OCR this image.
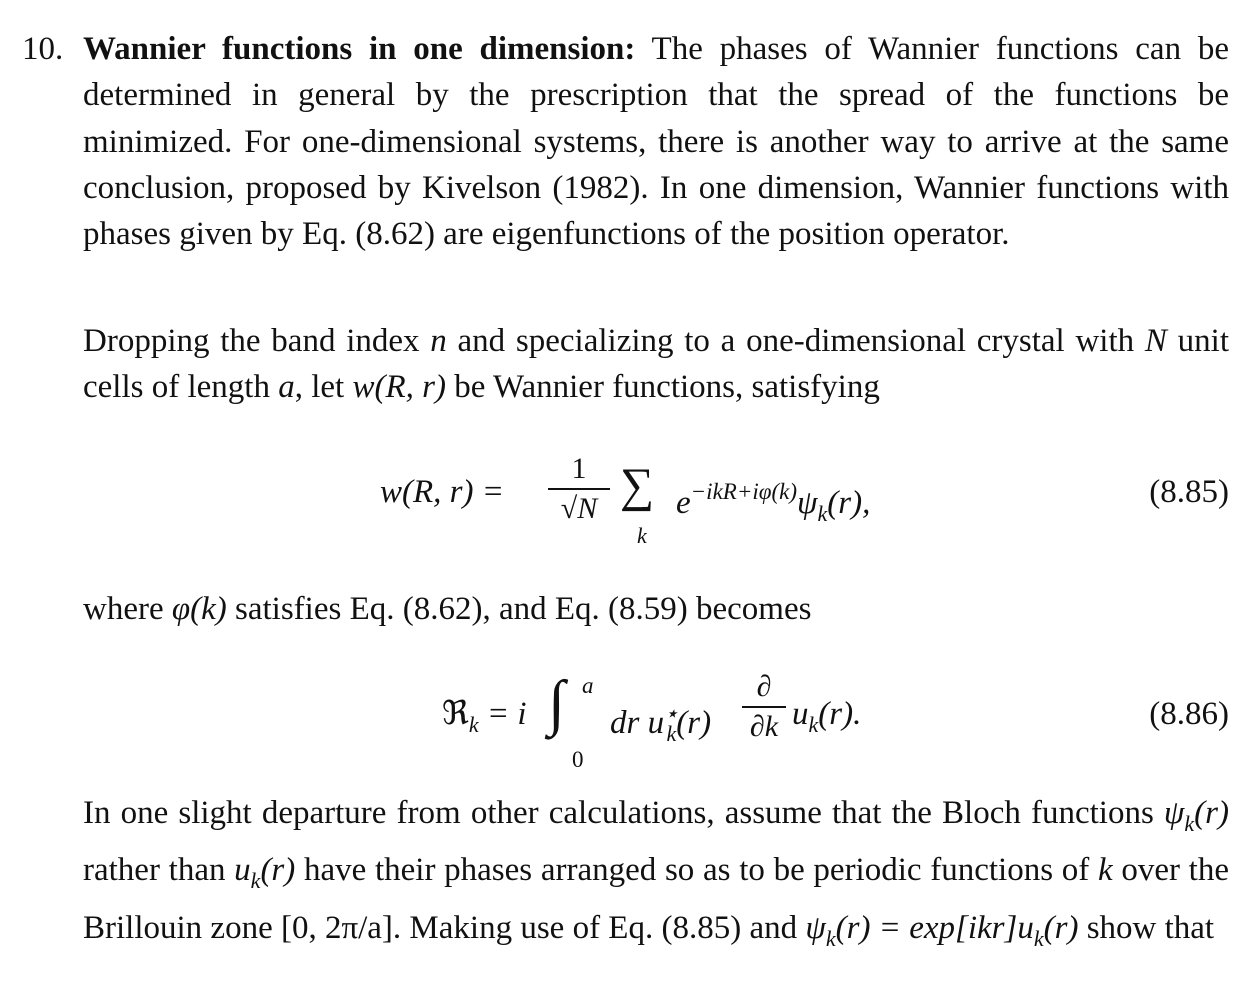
10. Wannier functions in one dimension: The phases of Wannier functions can be determined in general by the prescription that the spread of the functions be minimized. For one-dimensional systems, there is another way to arrive at the same conclusion, proposed by Kivelson (1982). In one dimension, Wannier functions with phases given by Eq. (8.62) are eigenfunctions of the position operator.
Dropping the band index n and specializing to a one-dimensional crystal with N unit cells of length a, let w(R, r) be Wannier functions, satisfying
w(R, r) =
1
√N ∑
k
$e^{-ikR+i\varphi(k)}\psi_k(r)$,	(8.85)
where φ(k) satisfies Eq. (8.62), and Eq. (8.59) becomes
ℜ$_k$ = i ∫ a
0
dr $u^⋆_k(r)$
∂
∂k $u_k(r)$.	(8.86)
In one slight departure from other calculations, assume that the Bloch functions $\psi_k(r)$ rather than $u_k(r)$ have their phases arranged so as to be periodic functions of k over the Brillouin zone [0, 2π/a]. Making use of Eq. (8.85) and $\psi_k(r) = \exp[ikr]u_k(r)$ show that
